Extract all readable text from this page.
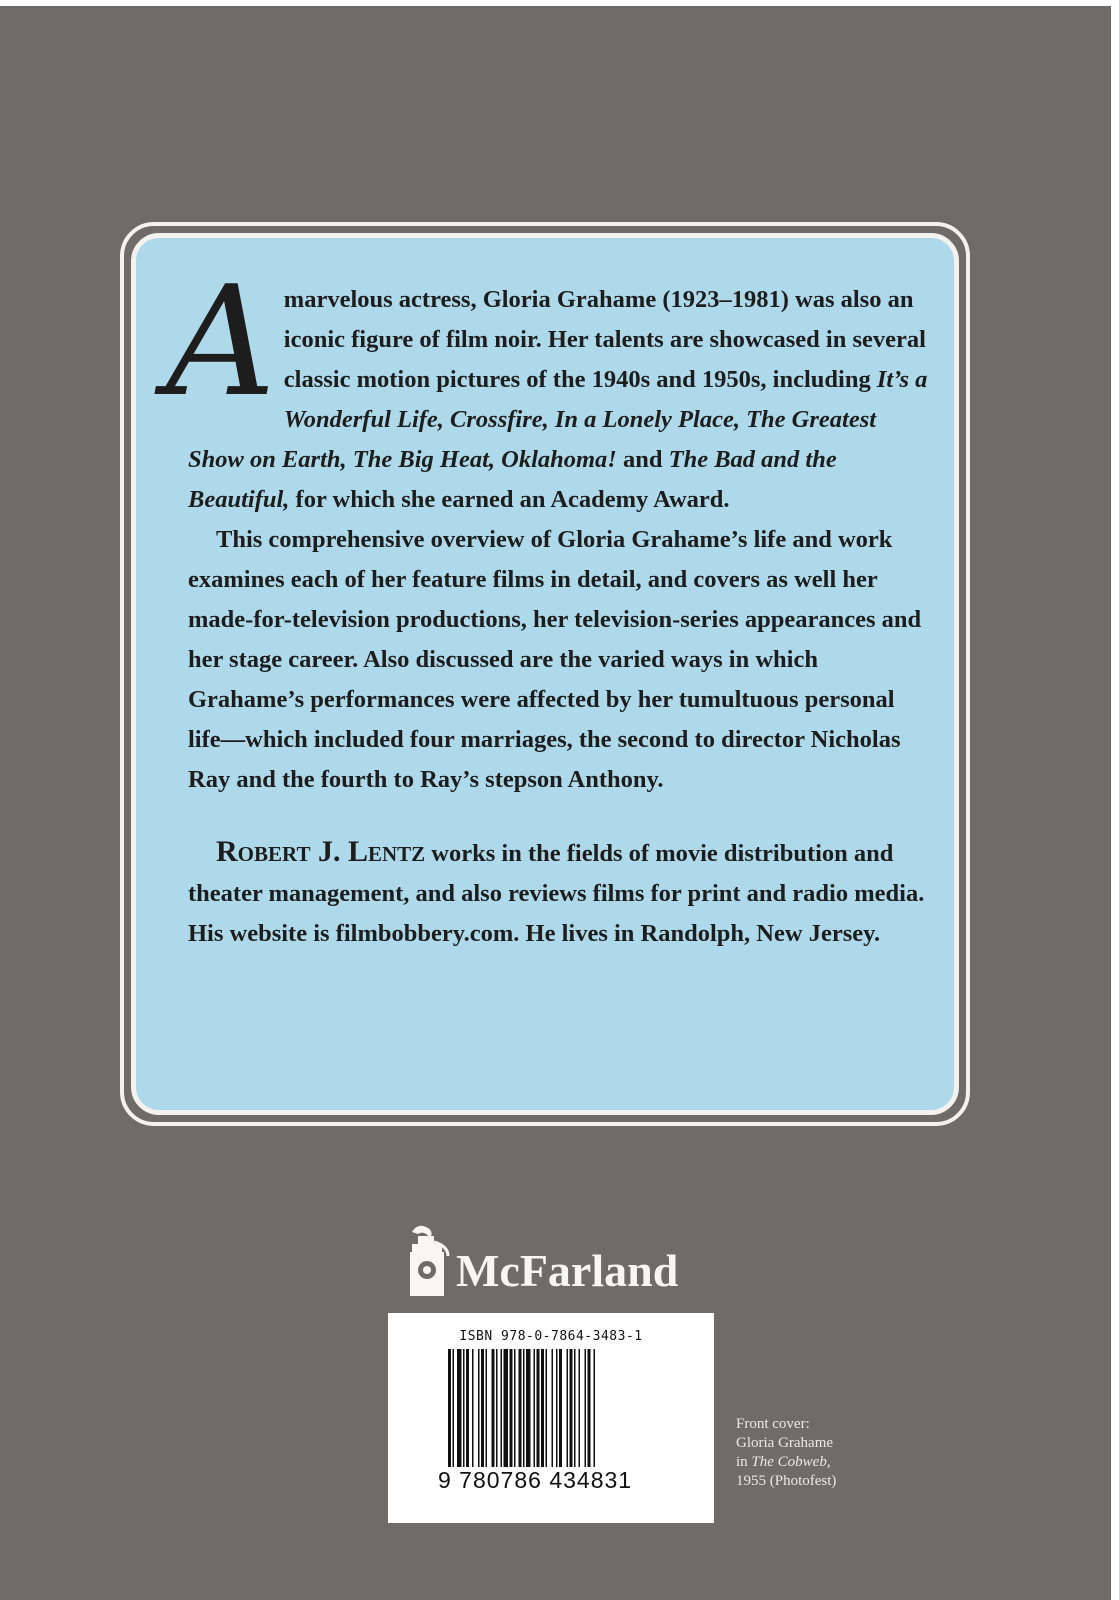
Amarvelous actress, Gloria Grahame (1923–1981) was also an iconic figure of film noir. Her talents are showcased in several classic motion pictures of the 1940s and 1950s, including It’s a Wonderful Life, Crossfire, In a Lonely Place, The Greatest Show on Earth, The Big Heat, Oklahoma! and The Bad and the Beautiful, for which she earned an Academy Award.

This comprehensive overview of Gloria Grahame’s life and work examines each of her feature films in detail, and covers as well her made-for-television productions, her television-series appearances and her stage career. Also discussed are the varied ways in which Grahame’s performances were affected by her tumultuous personal life—which included four marriages, the second to director Nicholas Ray and the fourth to Ray’s stepson Anthony.

Robert J. Lentz works in the fields of movie distribution and theater management, and also reviews films for print and radio media. His website is filmbobbery.com. He lives in Randolph, New Jersey.

McFarland
ISBN 978-0-7864-3483-1
9 780786 434831
Front cover:
Gloria Grahame
in The Cobweb,
1955 (Photofest)
